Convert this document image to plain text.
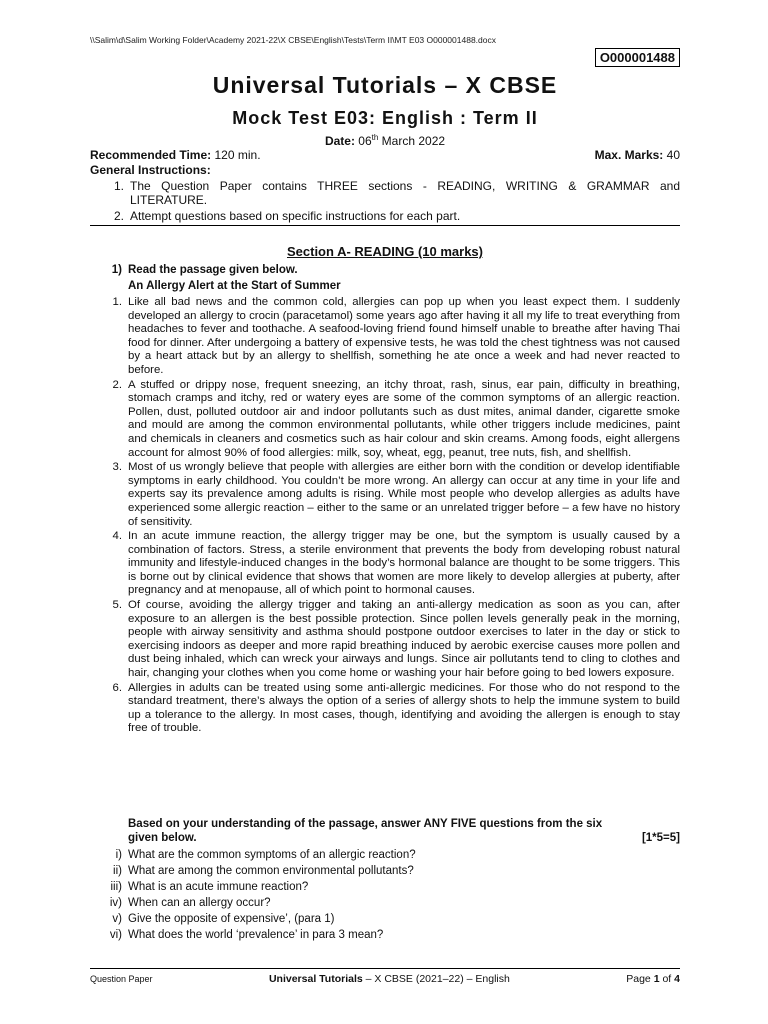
\\Salim\d\Salim Working Folder\Academy 2021-22\X CBSE\English\Tests\Term II\MT E03 O000001488.docx
O000001488
Universal Tutorials – X CBSE
Mock Test E03: English : Term II
Date: 06th March 2022
Recommended Time: 120 min.	Max. Marks: 40
General Instructions:
1. The Question Paper contains THREE sections - READING, WRITING & GRAMMAR and LITERATURE.
2. Attempt questions based on specific instructions for each part.
Section A- READING (10 marks)
1) Read the passage given below.
An Allergy Alert at the Start of Summer
1. Like all bad news and the common cold, allergies can pop up when you least expect them. I suddenly developed an allergy to crocin (paracetamol) some years ago after having it all my life to treat everything from headaches to fever and toothache. A seafood-loving friend found himself unable to breathe after having Thai food for dinner. After undergoing a battery of expensive tests, he was told the chest tightness was not caused by a heart attack but by an allergy to shellfish, something he ate once a week and had never reacted to before.
2. A stuffed or drippy nose, frequent sneezing, an itchy throat, rash, sinus, ear pain, difficulty in breathing, stomach cramps and itchy, red or watery eyes are some of the common symptoms of an allergic reaction. Pollen, dust, polluted outdoor air and indoor pollutants such as dust mites, animal dander, cigarette smoke and mould are among the common environmental pollutants, while other triggers include medicines, paint and chemicals in cleaners and cosmetics such as hair colour and skin creams. Among foods, eight allergens account for almost 90% of food allergies: milk, soy, wheat, egg, peanut, tree nuts, fish, and shellfish.
3. Most of us wrongly believe that people with allergies are either born with the condition or develop identifiable symptoms in early childhood. You couldn’t be more wrong. An allergy can occur at any time in your life and experts say its prevalence among adults is rising. While most people who develop allergies as adults have experienced some allergic reaction – either to the same or an unrelated trigger before – a few have no history of sensitivity.
4. In an acute immune reaction, the allergy trigger may be one, but the symptom is usually caused by a combination of factors. Stress, a sterile environment that prevents the body from developing robust natural immunity and lifestyle-induced changes in the body’s hormonal balance are thought to be some triggers. This is borne out by clinical evidence that shows that women are more likely to develop allergies at puberty, after pregnancy and at menopause, all of which point to hormonal causes.
5. Of course, avoiding the allergy trigger and taking an anti-allergy medication as soon as you can, after exposure to an allergen is the best possible protection. Since pollen levels generally peak in the morning, people with airway sensitivity and asthma should postpone outdoor exercises to later in the day or stick to exercising indoors as deeper and more rapid breathing induced by aerobic exercise causes more pollen and dust being inhaled, which can wreck your airways and lungs. Since air pollutants tend to cling to clothes and hair, changing your clothes when you come home or washing your hair before going to bed lowers exposure.
6. Allergies in adults can be treated using some anti-allergic medicines. For those who do not respond to the standard treatment, there’s always the option of a series of allergy shots to help the immune system to build up a tolerance to the allergy. In most cases, though, identifying and avoiding the allergen is enough to stay free of trouble.
Based on your understanding of the passage, answer ANY FIVE questions from the six
given below.	[1*5=5]
i) What are the common symptoms of an allergic reaction?
ii) What are among the common environmental pollutants?
iii) What is an acute immune reaction?
iv) When can an allergy occur?
v) Give the opposite of expensive’, (para 1)
vi) What does the world ‘prevalence’ in para 3 mean?
Question Paper	Universal Tutorials – X CBSE (2021–22) – English	Page 1 of 4
